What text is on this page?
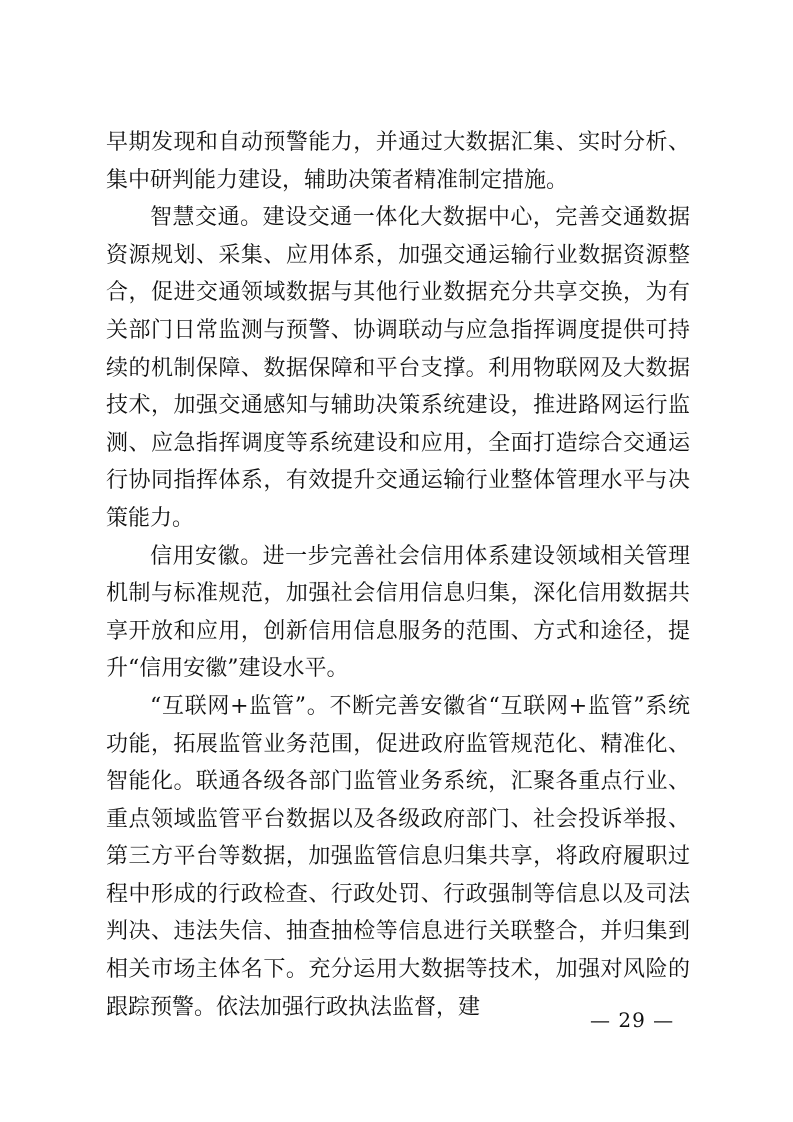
早期发现和自动预警能力，并通过大数据汇集、实时分析、集中研判能力建设，辅助决策者精准制定措施。

智慧交通。建设交通一体化大数据中心，完善交通数据资源规划、采集、应用体系，加强交通运输行业数据资源整合，促进交通领域数据与其他行业数据充分共享交换，为有关部门日常监测与预警、协调联动与应急指挥调度提供可持续的机制保障、数据保障和平台支撑。利用物联网及大数据技术，加强交通感知与辅助决策系统建设，推进路网运行监测、应急指挥调度等系统建设和应用，全面打造综合交通运行协同指挥体系，有效提升交通运输行业整体管理水平与决策能力。

信用安徽。进一步完善社会信用体系建设领域相关管理机制与标准规范，加强社会信用信息归集，深化信用数据共享开放和应用，创新信用信息服务的范围、方式和途径，提升“信用安徽”建设水平。

“互联网+监管”。不断完善安徽省“互联网+监管”系统功能，拓展监管业务范围，促进政府监管规范化、精准化、智能化。联通各级各部门监管业务系统，汇聚各重点行业、重点领域监管平台数据以及各级政府部门、社会投诉举报、第三方平台等数据，加强监管信息归集共享，将政府履职过程中形成的行政检查、行政处罚、行政强制等信息以及司法判决、违法失信、抽查抽检等信息进行关联整合，并归集到相关市场主体名下。充分运用大数据等技术，加强对风险的跟踪预警。依法加强行政执法监督，建

— 29 —
